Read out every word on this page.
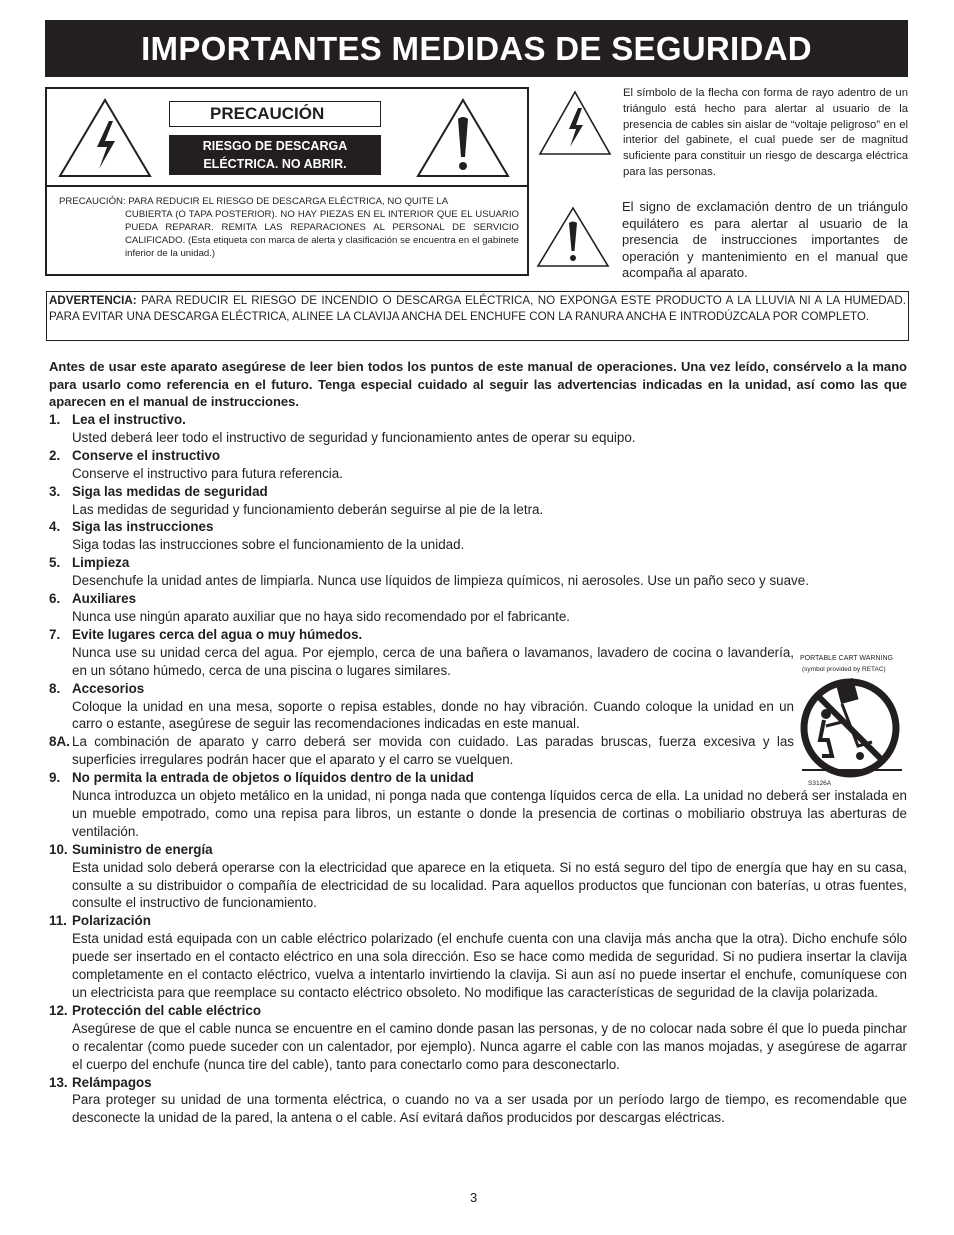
IMPORTANTES MEDIDAS DE SEGURIDAD
PRECAUCIÓN
RIESGO DE DESCARGA
ELÉCTRICA. NO ABRIR.
PRECAUCIÓN: PARA REDUCIR EL RIESGO DE DESCARGA ELÉCTRICA, NO QUITE LA
CUBIERTA (O TAPA POSTERIOR). NO HAY PIEZAS EN EL INTERIOR QUE EL USUARIO PUEDA REPARAR. REMITA LAS REPARACIONES AL PERSONAL DE SERVICIO CALIFICADO. (Esta etiqueta con marca de alerta y clasificación se encuentra en el gabinete inferior de la unidad.)
El símbolo de la flecha con forma de rayo adentro de un triángulo está hecho para alertar al usuario de la presencia de cables sin aislar de “voltaje peligroso” en el interior del gabinete, el cual puede ser de magnitud suficiente para constituir un riesgo de descarga eléctrica para las personas.
El signo de exclamación dentro de un triángulo equilátero es para alertar al usuario de la presencia de instrucciones importantes de operación y mantenimiento en el manual que acompaña al aparato.
ADVERTENCIA: PARA REDUCIR EL RIESGO DE INCENDIO O DESCARGA ELÉCTRICA, NO EXPONGA ESTE PRODUCTO A LA LLUVIA NI A LA HUMEDAD. PARA EVITAR UNA DESCARGA ELÉCTRICA, ALINEE LA CLAVIJA ANCHA DEL ENCHUFE CON LA RANURA ANCHA E INTRODÚZCALA POR COMPLETO.
Antes de usar este aparato asegúrese de leer bien todos los puntos de este manual de operaciones. Una vez leído, consérvelo a la mano para usarlo como referencia en el futuro. Tenga especial cuidado al seguir las advertencias indicadas en la unidad, así como las que aparecen en el manual de instrucciones.
1. Lea el instructivo.
Usted deberá leer todo el instructivo de seguridad y funcionamiento antes de operar su equipo.
2. Conserve el instructivo
Conserve el instructivo para futura referencia.
3. Siga las medidas de seguridad
Las medidas de seguridad y funcionamiento deberán seguirse al pie de la letra.
4. Siga las instrucciones
Siga todas las instrucciones sobre el funcionamiento de la unidad.
5. Limpieza
Desenchufe la unidad antes de limpiarla. Nunca use líquidos de limpieza químicos, ni aerosoles. Use un paño seco y suave.
6. Auxiliares
Nunca use ningún aparato auxiliar que no haya sido recomendado por el fabricante.
7. Evite lugares cerca del agua o muy húmedos.
Nunca use su unidad cerca del agua. Por ejemplo, cerca de una bañera o lavamanos, lavadero de cocina o lavandería, en un sótano húmedo, cerca de una piscina o lugares similares.
8. Accesorios
Coloque la unidad en una mesa, soporte o repisa estables, donde no hay vibración. Cuando coloque la unidad en un carro o estante, asegúrese de seguir las recomendaciones indicadas en este manual.
8A. La combinación de aparato y carro deberá ser movida con cuidado. Las paradas bruscas, fuerza excesiva y las superficies irregulares podrán hacer que el aparato y el carro se vuelquen.
9. No permita la entrada de objetos o líquidos dentro de la unidad
Nunca introduzca un objeto metálico en la unidad, ni ponga nada que contenga líquidos cerca de ella. La unidad no deberá ser instalada en un mueble empotrado, como una repisa para libros, un estante o donde la presencia de cortinas o mobiliario obstruya las aberturas de ventilación.
10. Suministro de energía
Esta unidad solo deberá operarse con la electricidad que aparece en la etiqueta. Si no está seguro del tipo de energía que hay en su casa, consulte a su distribuidor o compañía de electricidad de su localidad. Para aquellos productos que funcionan con baterías, u otras fuentes, consulte el instructivo de funcionamiento.
11. Polarización
Esta unidad está equipada con un cable eléctrico polarizado (el enchufe cuenta con una clavija más ancha que la otra). Dicho enchufe sólo puede ser insertado en el contacto eléctrico en una sola dirección. Eso se hace como medida de seguridad. Si no pudiera insertar la clavija completamente en el contacto eléctrico, vuelva a intentarlo invirtiendo la clavija. Si aun así no puede insertar el enchufe, comuníquese con un electricista para que reemplace su contacto eléctrico obsoleto. No modifique las características de seguridad de la clavija polarizada.
12. Protección del cable eléctrico
Asegúrese de que el cable nunca se encuentre en el camino donde pasan las personas, y de no colocar nada sobre él que lo pueda pinchar o recalentar (como puede suceder con un calentador, por ejemplo). Nunca agarre el cable con las manos mojadas, y asegúrese de agarrar el cuerpo del enchufe (nunca tire del cable), tanto para conectarlo como para desconectarlo.
13. Relámpagos
Para proteger su unidad de una tormenta eléctrica, o cuando no va a ser usada por un período largo de tiempo, es recomendable que desconecte la unidad de la pared, la antena o el cable. Así evitará daños producidos por descargas eléctricas.
PORTABLE CART WARNING
(symbol provided by RETAC)
S3126A
3
